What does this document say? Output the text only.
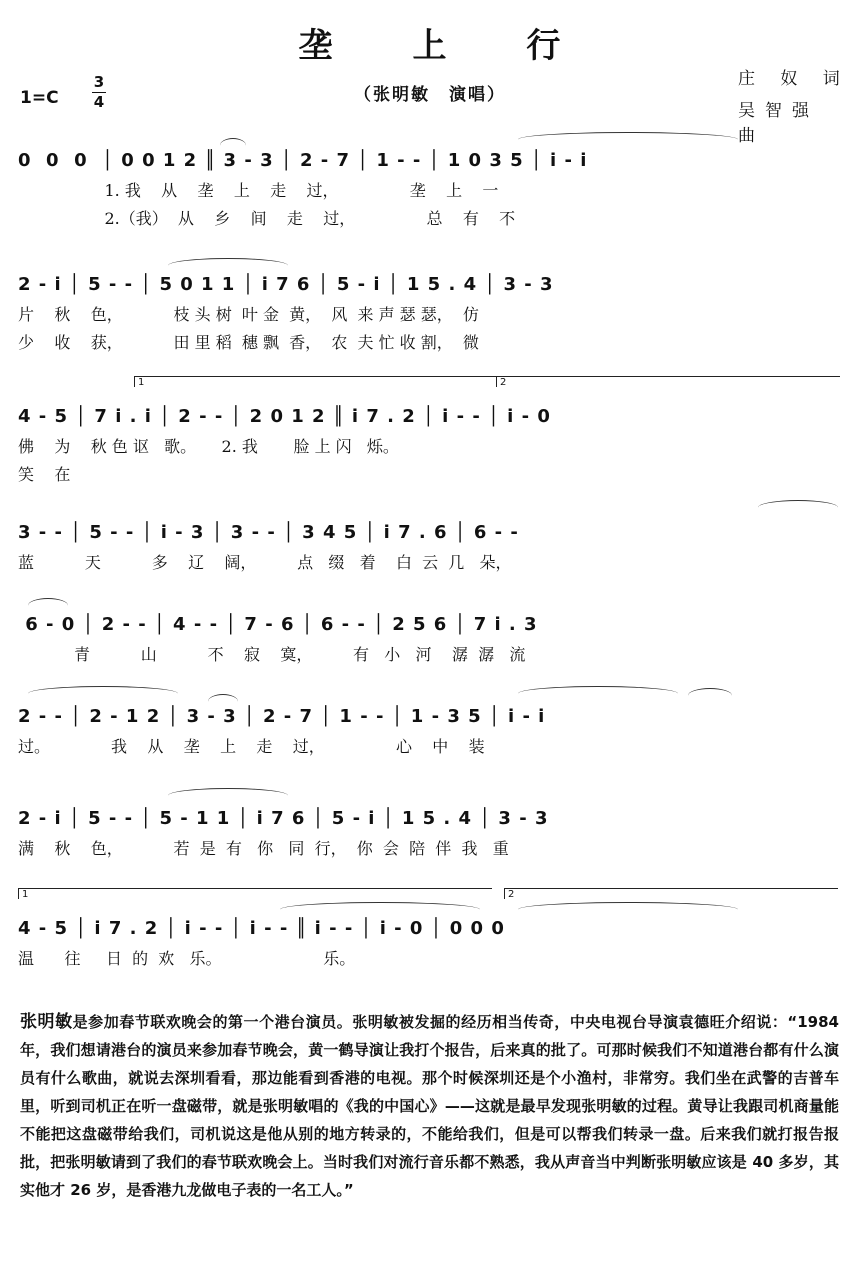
垄 上 行
1=C
3
4	（张明敏　演唱）
庄 奴 词
吴智强 曲
0  0  0  │ 0 0 1 2 ║ 3 - 3 │ 2 - 7 │ 1 - - │ 1 0 3 5 │ i - i
1. 我    从    垄    上    走    过，              垄    上    一
2.（我）  从    乡    间    走    过，              总    有    不
2 - i │ 5 - - │ 5 0 1 1 │ i 7 6 │ 5 - i │ 1 5 . 4 │ 3 - 3
片    秋    色，          枝 头 树  叶 金  黄，  风  来 声 瑟 瑟，  仿
少    收    获，          田 里 稻  穗 飘  香，  农  夫 忙 收 割，  微
1	2
4 - 5 │ 7 i . i │ 2 - - │ 2 0 1 2 ║ i 7 . 2 │ i - - │ i - 0
佛    为    秋 色 讴   歌。     2. 我       脸 上 闪   烁。
笑    在
3 - - │ 5 - - │ i - 3 │ 3 - - │ 3 4 5 │ i 7 . 6 │ 6 - -
蓝          天          多    辽    阔，        点   缀   着    白  云  几   朵，
6 - 0 │ 2 - - │ 4 - - │ 7 - 6 │ 6 - - │ 2 5 6 │ 7 i . 3
青          山          不    寂    寞，        有   小   河    潺  潺   流
2 - - │ 2 - 1 2 │ 3 - 3 │ 2 - 7 │ 1 - - │ 1 - 3 5 │ i - i
过。            我    从    垄    上    走    过，              心    中    装
2 - i │ 5 - - │ 5 - 1 1 │ i 7 6 │ 5 - i │ 1 5 . 4 │ 3 - 3
满    秋    色，          若  是  有   你   同  行，  你  会  陪  伴  我   重
1	2
4 - 5 │ i 7 . 2 │ i - - │ i - - ║ i - - │ i - 0 │ 0 0 0
温      往     日  的  欢   乐。                    乐。

张明敏是参加春节联欢晚会的第一个港台演员。张明敏被发掘的经历相当传奇，中央电视台导演袁德旺介绍说：“1984 年，我们想请港台的演员来参加春节晚会，黄一鹤导演让我打个报告，后来真的批了。可那时候我们不知道港台都有什么演员有什么歌曲，就说去深圳看看，那边能看到香港的电视。那个时候深圳还是个小渔村，非常穷。我们坐在武警的吉普车里，听到司机正在听一盘磁带，就是张明敏唱的《我的中国心》——这就是最早发现张明敏的过程。黄导让我跟司机商量能不能把这盘磁带给我们，司机说这是他从别的地方转录的，不能给我们，但是可以帮我们转录一盘。后来我们就打报告报批，把张明敏请到了我们的春节联欢晚会上。当时我们对流行音乐都不熟悉，我从声音当中判断张明敏应该是 40 多岁，其实他才 26 岁，是香港九龙做电子表的一名工人。”
